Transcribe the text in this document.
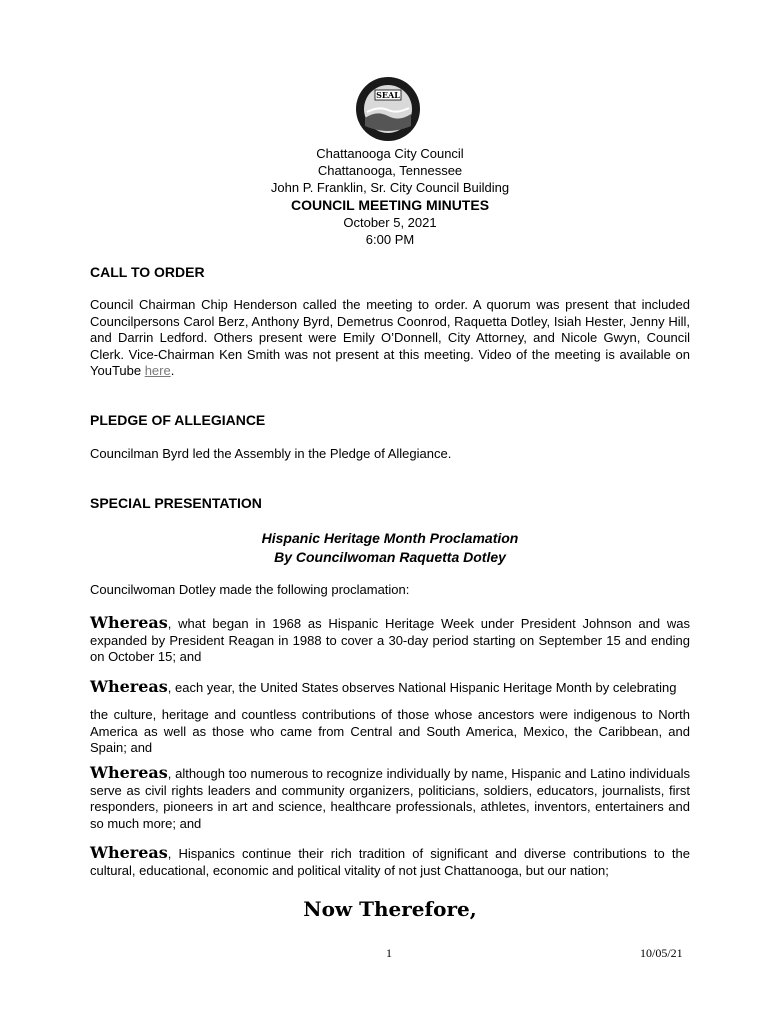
SEAL

Chattanooga City Council

Chattanooga, Tennessee

John P. Franklin, Sr. City Council Building

COUNCIL MEETING MINUTES

October 5, 2021

6:00 PM

CALL TO ORDER

Council Chairman Chip Henderson called the meeting to order. A quorum was present that included Councilpersons Carol Berz, Anthony Byrd, Demetrus Coonrod, Raquetta Dotley, Isiah Hester, Jenny Hill, and Darrin Ledford. Others present were Emily O’Donnell, City Attorney, and Nicole Gwyn, Council Clerk. Vice-Chairman Ken Smith was not present at this meeting. Video of the meeting is available on YouTube here.

PLEDGE OF ALLEGIANCE

Councilman Byrd led the Assembly in the Pledge of Allegiance.

SPECIAL PRESENTATION

Hispanic Heritage Month Proclamation

By Councilwoman Raquetta Dotley

Councilwoman Dotley made the following proclamation:

Whereas, what began in 1968 as Hispanic Heritage Week under President Johnson and was expanded by President Reagan in 1988 to cover a 30-day period starting on September 15 and ending on October 15; and

Whereas, each year, the United States observes National Hispanic Heritage Month by celebrating

the culture, heritage and countless contributions of those whose ancestors were indigenous to North America as well as those who came from Central and South America, Mexico, the Caribbean, and Spain; and

Whereas, although too numerous to recognize individually by name, Hispanic and Latino individuals serve as civil rights leaders and community organizers, politicians, soldiers, educators, journalists, first responders, pioneers in art and science, healthcare professionals, athletes, inventors, entertainers and so much more; and

Whereas, Hispanics continue their rich tradition of significant and diverse contributions to the cultural, educational, economic and political vitality of not just Chattanooga, but our nation;

Now Therefore,
1	10/05/21
